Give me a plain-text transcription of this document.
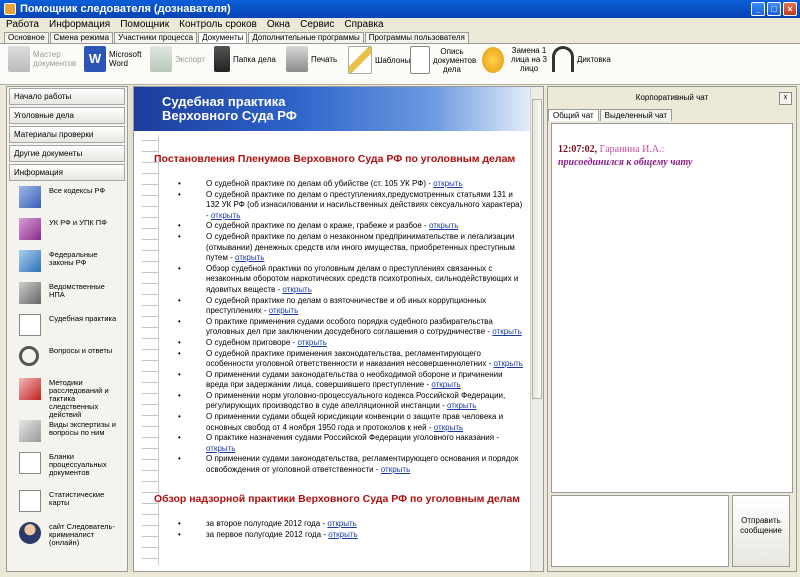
Помощник следователя (дознавателя)	_	□	×
Работа Информация Помощник Контроль сроков Окна Сервис Справка
Основное	Смена режима	Участники процесса	Документы	Дополнительные программы	Программы пользователя
Мастер документов W Microsoft Word	Экспорт	Папка дела	Печать	Шаблоны
Опись документов дела
Замена 1 лица на 3 лицо
Диктовка
Начало работы
Уголовные дела
Материалы проверки
Другие документы
Информация
Все кодексы РФ
УК РФ и УПК ПФ
Федеральные законы РФ
Ведомственные НПА
Судебная практика
Вопросы и ответы
Методики расследований и тактика следственных действий
Виды экспертизы и вопросы по ним
Бланки процессуальных документов
Статистические карты
сайт Следователь-криминалист (онлайн)
Судебная практика Верховного Суда РФ
Постановления Пленумов Верховного Суда РФ по уголовным делам
• О судебной практике по делам об убийстве (ст. 105 УК РФ) - открыть
• О судебной практике по делам о преступлениях,предусмотренных статьями 131 и 132 УК РФ (об изнасиловании и насильственных действиях сексуального характера) - открыть
• О судебной практике по делам о краже, грабеже и разбое - открыть
• О судебной практике по делам о незаконном предпринимательстве и легализации (отмывании) денежных средств или иного имущества, приобретенных преступным путем - открыть
• Обзор судебной практики по уголовным делам о преступлениях связанных с незаконным оборотом наркотических средств психотропных, сильнодействующих и ядовитых веществ - открыть
• О судебной практике по делам о взяточничестве и об иных коррупционных преступлениях - открыть
• О практике применения судами особого порядка судебного разбирательства уголовных дел при заключении досудебного соглашения о сотрудничестве - открыть
• О судебном приговоре - открыть
• О судебной практике применения законодательства, регламентирующего особенности уголовной ответственности и наказания несовершеннолетних - открыть
• О применении судами законодательства о необходимой обороне и причинении вреда при задержании лица, совершившего преступление - открыть
• О применении норм уголовно-процессуального кодекса Российской Федерации, регулирующих производство в суде апелляционной инстанции - открыть
• О применении судами общей юрисдикции конвенции о защите прав человека и основных свобод от 4 ноября 1950 года и протоколов к ней - открыть
• О практике назначения судами Российской Федерации уголовного наказания - открыть
• О применении судами законодательства, регламентирующего основания и порядок освобождения от уголовной ответственности - открыть
Обзор надзорной практики Верховного Суда РФ по уголовным делам
• за второе полугодие 2012 года - открыть
• за первое полугодие 2012 года - открыть
Корпоративный чат	x
Общий чат	Выделенный чат
12:07:02, Гаранина И.А.:
присоединился к общему чату
Отправить сообщение
